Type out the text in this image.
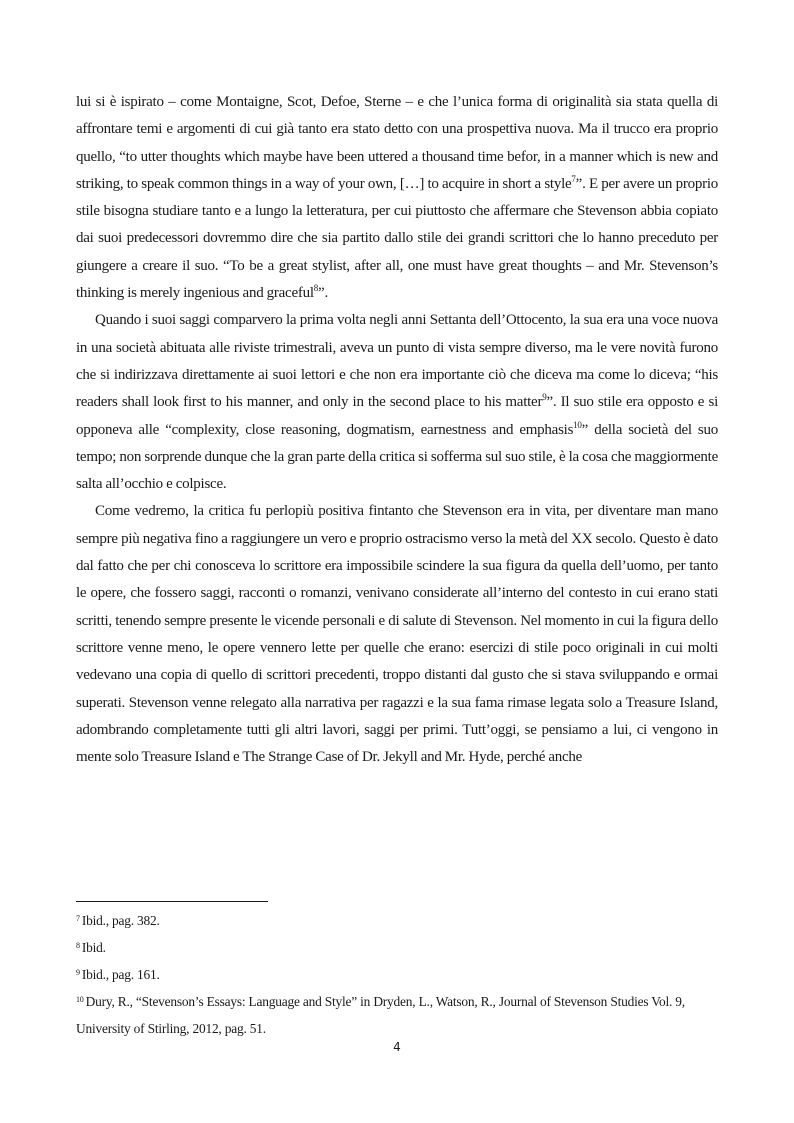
lui si è ispirato – come Montaigne, Scot, Defoe, Sterne – e che l’unica forma di originalità sia stata quella di affrontare temi e argomenti di cui già tanto era stato detto con una prospettiva nuova. Ma il trucco era proprio quello, “to utter thoughts which maybe have been uttered a thousand time befor, in a manner which is new and striking, to speak common things in a way of your own, […] to acquire in short a style$^7$”. E per avere un proprio stile bisogna studiare tanto e a lungo la letteratura, per cui piuttosto che affermare che Stevenson abbia copiato dai suoi predecessori dovremmo dire che sia partito dallo stile dei grandi scrittori che lo hanno preceduto per giungere a creare il suo. “To be a great stylist, after all, one must have great thoughts – and Mr. Stevenson’s thinking is merely ingenious and graceful$^8$”.

Quando i suoi saggi comparvero la prima volta negli anni Settanta dell’Ottocento, la sua era una voce nuova in una società abituata alle riviste trimestrali, aveva un punto di vista sempre diverso, ma le vere novità furono che si indirizzava direttamente ai suoi lettori e che non era importante ciò che diceva ma come lo diceva; “his readers shall look first to his manner, and only in the second place to his matter$^9$”. Il suo stile era opposto e si opponeva alle “complexity, close reasoning, dogmatism, earnestness and emphasis$^{10}$” della società del suo tempo; non sorprende dunque che la gran parte della critica si sofferma sul suo stile, è la cosa che maggiormente salta all’occhio e colpisce.

Come vedremo, la critica fu perlopiù positiva fintanto che Stevenson era in vita, per diventare man mano sempre più negativa fino a raggiungere un vero e proprio ostracismo verso la metà del XX secolo. Questo è dato dal fatto che per chi conosceva lo scrittore era impossibile scindere la sua figura da quella dell’uomo, per tanto le opere, che fossero saggi, racconti o romanzi, venivano considerate all’interno del contesto in cui erano stati scritti, tenendo sempre presente le vicende personali e di salute di Stevenson. Nel momento in cui la figura dello scrittore venne meno, le opere vennero lette per quelle che erano: esercizi di stile poco originali in cui molti vedevano una copia di quello di scrittori precedenti, troppo distanti dal gusto che si stava sviluppando e ormai superati. Stevenson venne relegato alla narrativa per ragazzi e la sua fama rimase legata solo a Treasure Island, adombrando completamente tutti gli altri lavori, saggi per primi. Tutt’oggi, se pensiamo a lui, ci vengono in mente solo Treasure Island e The Strange Case of Dr. Jekyll and Mr. Hyde, perché anche

$^7$ Ibid., pag. 382.

$^8$ Ibid.

$^9$ Ibid., pag. 161.

$^{10}$ Dury, R., “Stevenson’s Essays: Language and Style” in Dryden, L., Watson, R., Journal of Stevenson Studies Vol. 9, University of Stirling, 2012, pag. 51.

4
